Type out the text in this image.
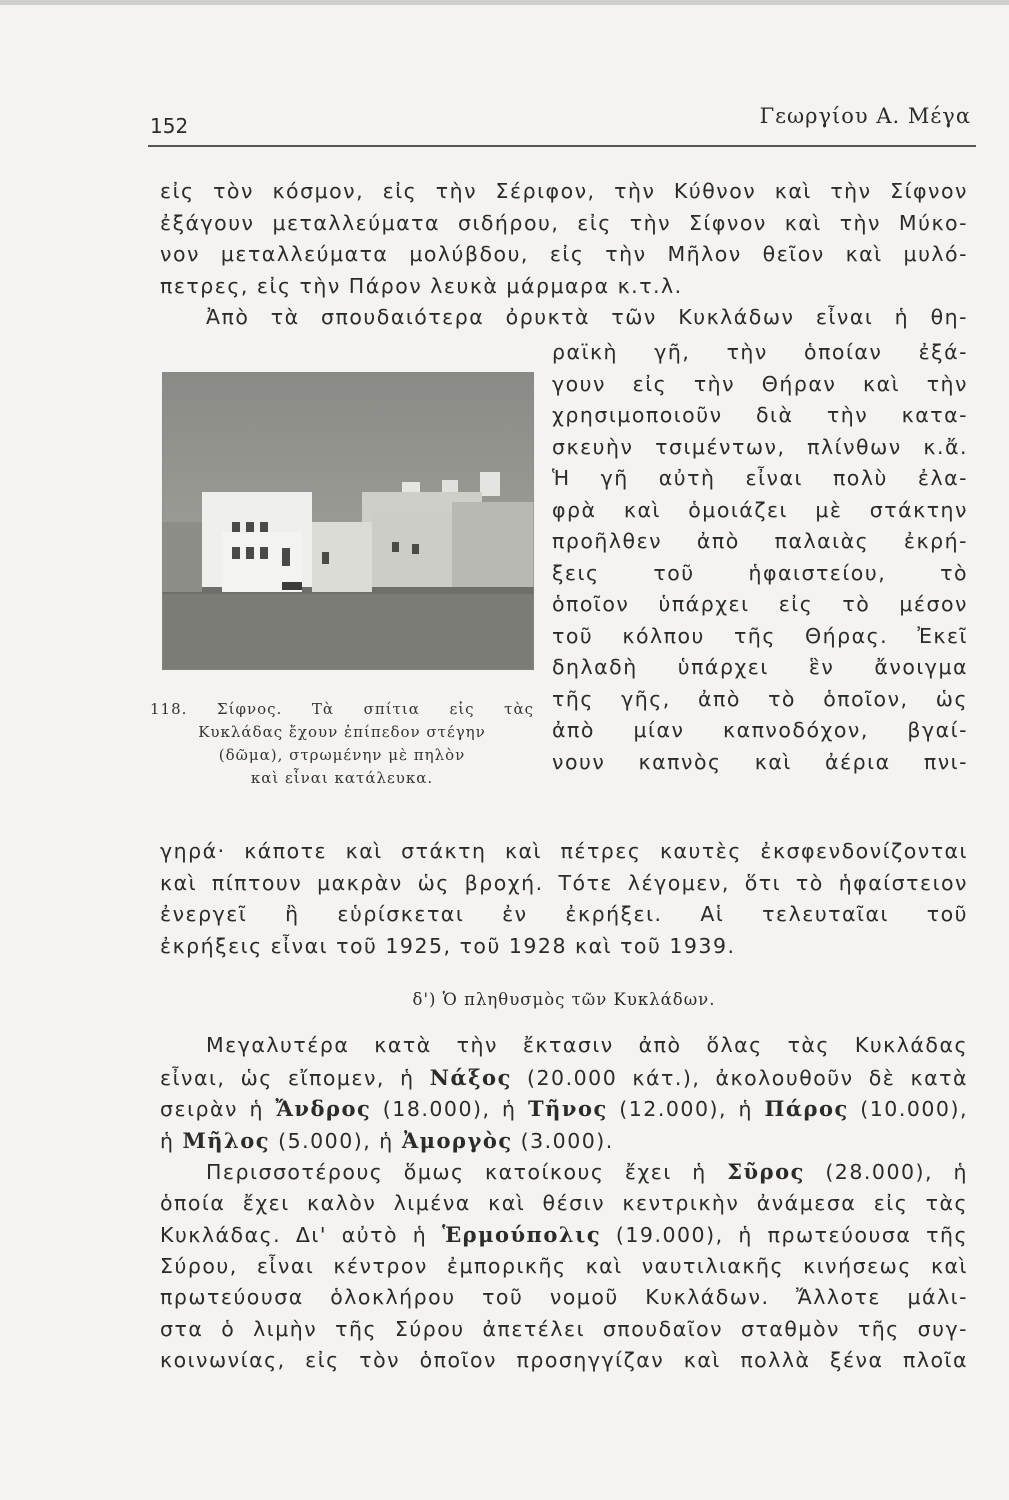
152	Γεωργίου Α. Μέγα
εἰς τὸν κόσμον, εἰς τὴν Σέριφον, τὴν Κύθνον καὶ τὴν Σίφνον
ἐξάγουν μεταλλεύματα σιδήρου, εἰς τὴν Σίφνον καὶ τὴν Μύκο-
νον μεταλλεύματα μολύβδου, εἰς τὴν Μῆλον θεῖον καὶ μυλό-
πετρες, εἰς τὴν Πάρον λευκὰ μάρμαρα κ.τ.λ.
Ἀπὸ τὰ σπουδαιότερα ὀρυκτὰ τῶν Κυκλάδων εἶναι ἡ θη-
ραϊκὴ γῆ, τὴν ὁποίαν ἐξά-
γουν εἰς τὴν Θήραν καὶ τὴν
χρησιμοποιοῦν διὰ τὴν κατα-
σκευὴν τσιμέντων, πλίνθων κ.ἄ.
Ἡ γῆ αὐτὴ εἶναι πολὺ ἐλα-
φρὰ καὶ ὁμοιάζει μὲ στάκτην
προῆλθεν ἀπὸ παλαιὰς ἐκρή-
ξεις τοῦ ἡφαιστείου, τὸ
ὁποῖον ὑπάρχει εἰς τὸ μέσον
τοῦ κόλπου τῆς Θήρας. Ἐκεῖ
δηλαδὴ ὑπάρχει ἓν ἄνοιγμα
τῆς γῆς, ἀπὸ τὸ ὁποῖον, ὡς
ἀπὸ μίαν καπνοδόχον, βγαί-
νουν καπνὸς καὶ ἀέρια πνι-
118. Σίφνος. Τὰ σπίτια εἰς τὰς
Κυκλάδας ἔχουν ἐπίπεδον στέγην
(δῶμα), στρωμένην μὲ πηλὸν
καὶ εἶναι κατάλευκα.
γηρά· κάποτε καὶ στάκτη καὶ πέτρες καυτὲς ἐκσφενδονίζονται
καὶ πίπτουν μακρὰν ὡς βροχή. Τότε λέγομεν, ὅτι τὸ ἡφαίστειον
ἐνεργεῖ ἢ εὑρίσκεται ἐν ἐκρήξει. Αἱ τελευταῖαι τοῦ
ἐκρήξεις εἶναι τοῦ 1925, τοῦ 1928 καὶ τοῦ 1939.
δ') Ὁ πληθυσμὸς τῶν Κυκλάδων.
Μεγαλυτέρα κατὰ τὴν ἔκτασιν ἀπὸ ὅλας τὰς Κυκλάδας
εἶναι, ὡς εἴπομεν, ἡ Νάξος (20.000 κάτ.), ἀκολουθοῦν δὲ κατὰ
σειρὰν ἡ Ἄνδρος (18.000), ἡ Τῆνος (12.000), ἡ Πάρος (10.000),
ἡ Μῆλος (5.000), ἡ Ἀμοργὸς (3.000).
Περισσοτέρους ὅμως κατοίκους ἔχει ἡ Σῦρος (28.000), ἡ
ὁποία ἔχει καλὸν λιμένα καὶ θέσιν κεντρικὴν ἀνάμεσα εἰς τὰς
Κυκλάδας. Δι' αὐτὸ ἡ Ἑρμούπολις (19.000), ἡ πρωτεύουσα τῆς
Σύρου, εἶναι κέντρον ἐμπορικῆς καὶ ναυτιλιακῆς κινήσεως καὶ
πρωτεύουσα ὁλοκλήρου τοῦ νομοῦ Κυκλάδων. Ἄλλοτε μάλι-
στα ὁ λιμὴν τῆς Σύρου ἀπετέλει σπουδαῖον σταθμὸν τῆς συγ-
κοινωνίας, εἰς τὸν ὁποῖον προσηγγίζαν καὶ πολλὰ ξένα πλοῖα
